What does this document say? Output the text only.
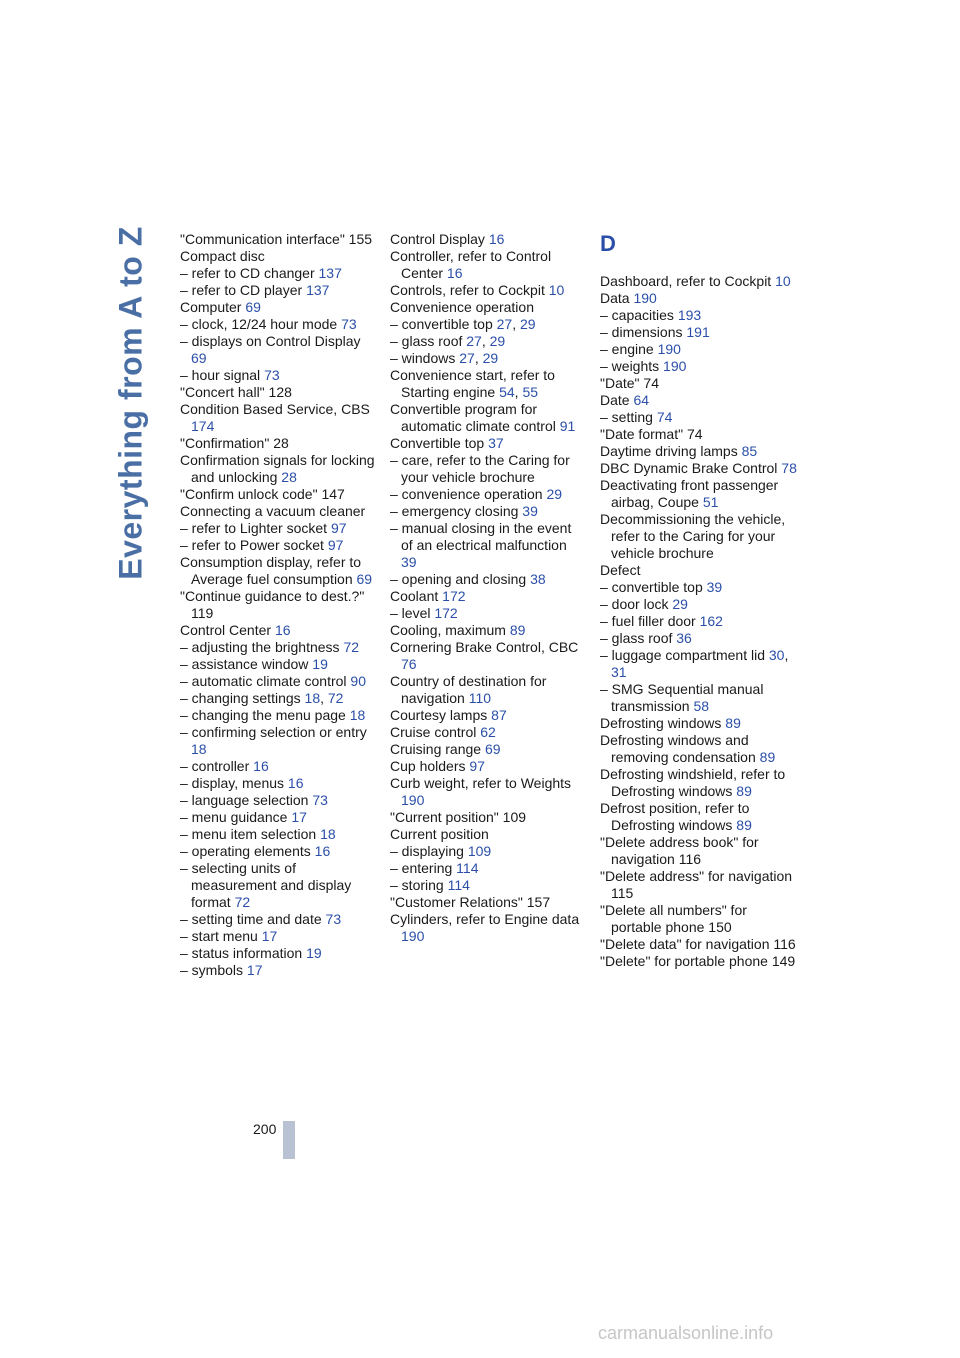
Everything from A to Z "Communication interface" 155

Compact disc

– refer to CD changer 137

– refer to CD player 137

Computer 69

– clock, 12/24 hour mode 73

– displays on Control Display 69

– hour signal 73

"Concert hall" 128

Condition Based Service, CBS 174

"Confirmation" 28

Confirmation signals for locking and unlocking 28

"Confirm unlock code" 147

Connecting a vacuum cleaner

– refer to Lighter socket 97

– refer to Power socket 97

Consumption display, refer to Average fuel consumption 69

"Continue guidance to dest.?" 119

Control Center 16

– adjusting the brightness 72

– assistance window 19

– automatic climate control 90

– changing settings 18, 72

– changing the menu page 18

– confirming selection or entry 18

– controller 16

– display, menus 16

– language selection 73

– menu guidance 17

– menu item selection 18

– operating elements 16

– selecting units of measurement and display format 72

– setting time and date 73

– start menu 17

– status information 19

– symbols 17

Control Display 16

Controller, refer to Control Center 16

Controls, refer to Cockpit 10

Convenience operation

– convertible top 27, 29

– glass roof 27, 29

– windows 27, 29

Convenience start, refer to Starting engine 54, 55

Convertible program for automatic climate control 91

Convertible top 37

– care, refer to the Caring for your vehicle brochure

– convenience operation 29

– emergency closing 39

– manual closing in the event of an electrical malfunction 39

– opening and closing 38

Coolant 172

– level 172

Cooling, maximum 89

Cornering Brake Control, CBC 76

Country of destination for navigation 110

Courtesy lamps 87

Cruise control 62

Cruising range 69

Cup holders 97

Curb weight, refer to Weights 190

"Current position" 109

Current position

– displaying 109

– entering 114

– storing 114

"Customer Relations" 157

Cylinders, refer to Engine data 190

D

Dashboard, refer to Cockpit 10

Data 190

– capacities 193

– dimensions 191

– engine 190

– weights 190

"Date" 74

Date 64

– setting 74

"Date format" 74

Daytime driving lamps 85

DBC Dynamic Brake Control 78

Deactivating front passenger airbag, Coupe 51

Decommissioning the vehicle, refer to the Caring for your vehicle brochure

Defect

– convertible top 39

– door lock 29

– fuel filler door 162

– glass roof 36

– luggage compartment lid 30, 31

– SMG Sequential manual transmission 58

Defrosting windows 89

Defrosting windows and removing condensation 89

Defrosting windshield, refer to Defrosting windows 89

Defrost position, refer to Defrosting windows 89

"Delete address book" for navigation 116

"Delete address" for navigation 115

"Delete all numbers" for portable phone 150

"Delete data" for navigation 116

"Delete" for portable phone 149

200
carmanualsonline.info
